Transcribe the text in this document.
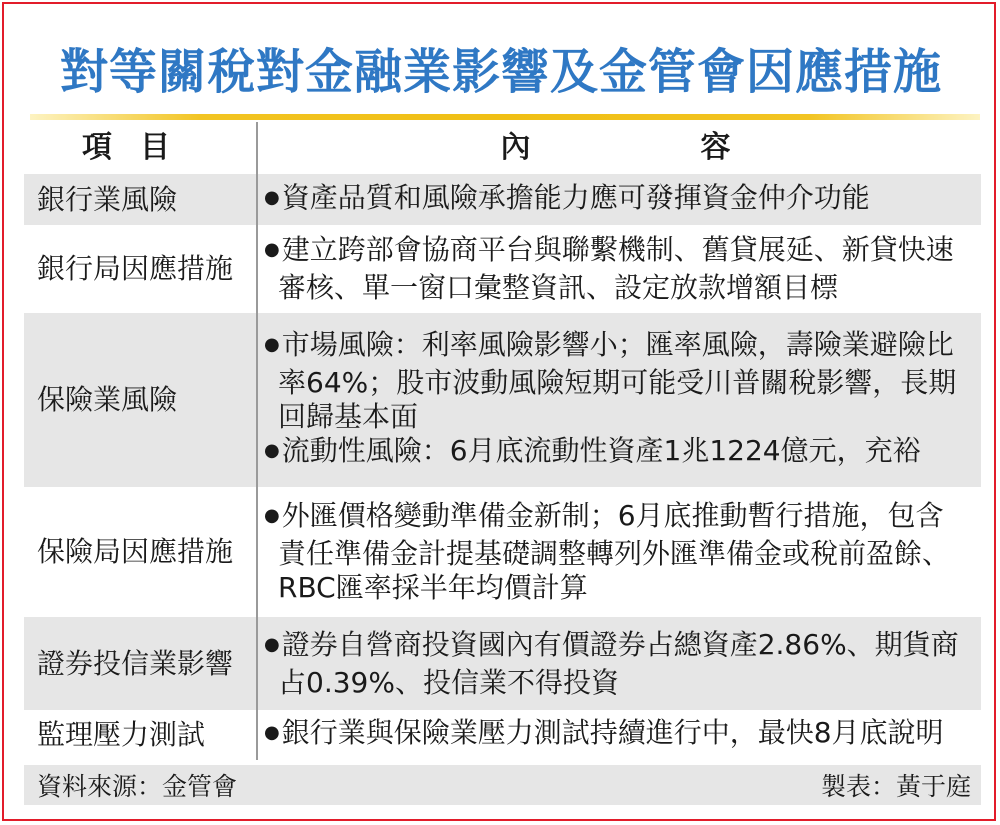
對等關稅對金融業影響及金管會因應措施
項目	內容
銀行業風險	● 資產品質和風險承擔能力應可發揮資金仲介功能
銀行局因應措施
● 建立跨部會協商平台與聯繫機制、舊貸展延、新貸快速審核、單一窗口彙整資訊、設定放款增額目標
保險業風險
● 市場風險：利率風險影響小；匯率風險，壽險業避險比率64%；股市波動風險短期可能受川普關稅影響，長期回歸基本面
● 流動性風險：6月底流動性資產1兆1224億元，充裕
保險局因應措施
● 外匯價格變動準備金新制；6月底推動暫行措施，包含責任準備金計提基礎調整轉列外匯準備金或稅前盈餘、RBC匯率採半年均價計算
證券投信業影響
● 證券自營商投資國內有價證券占總資產2.86%、期貨商占0.39%、投信業不得投資
監理壓力測試	● 銀行業與保險業壓力測試持續進行中，最快8月底說明
資料來源：金管會	製表：黃于庭
